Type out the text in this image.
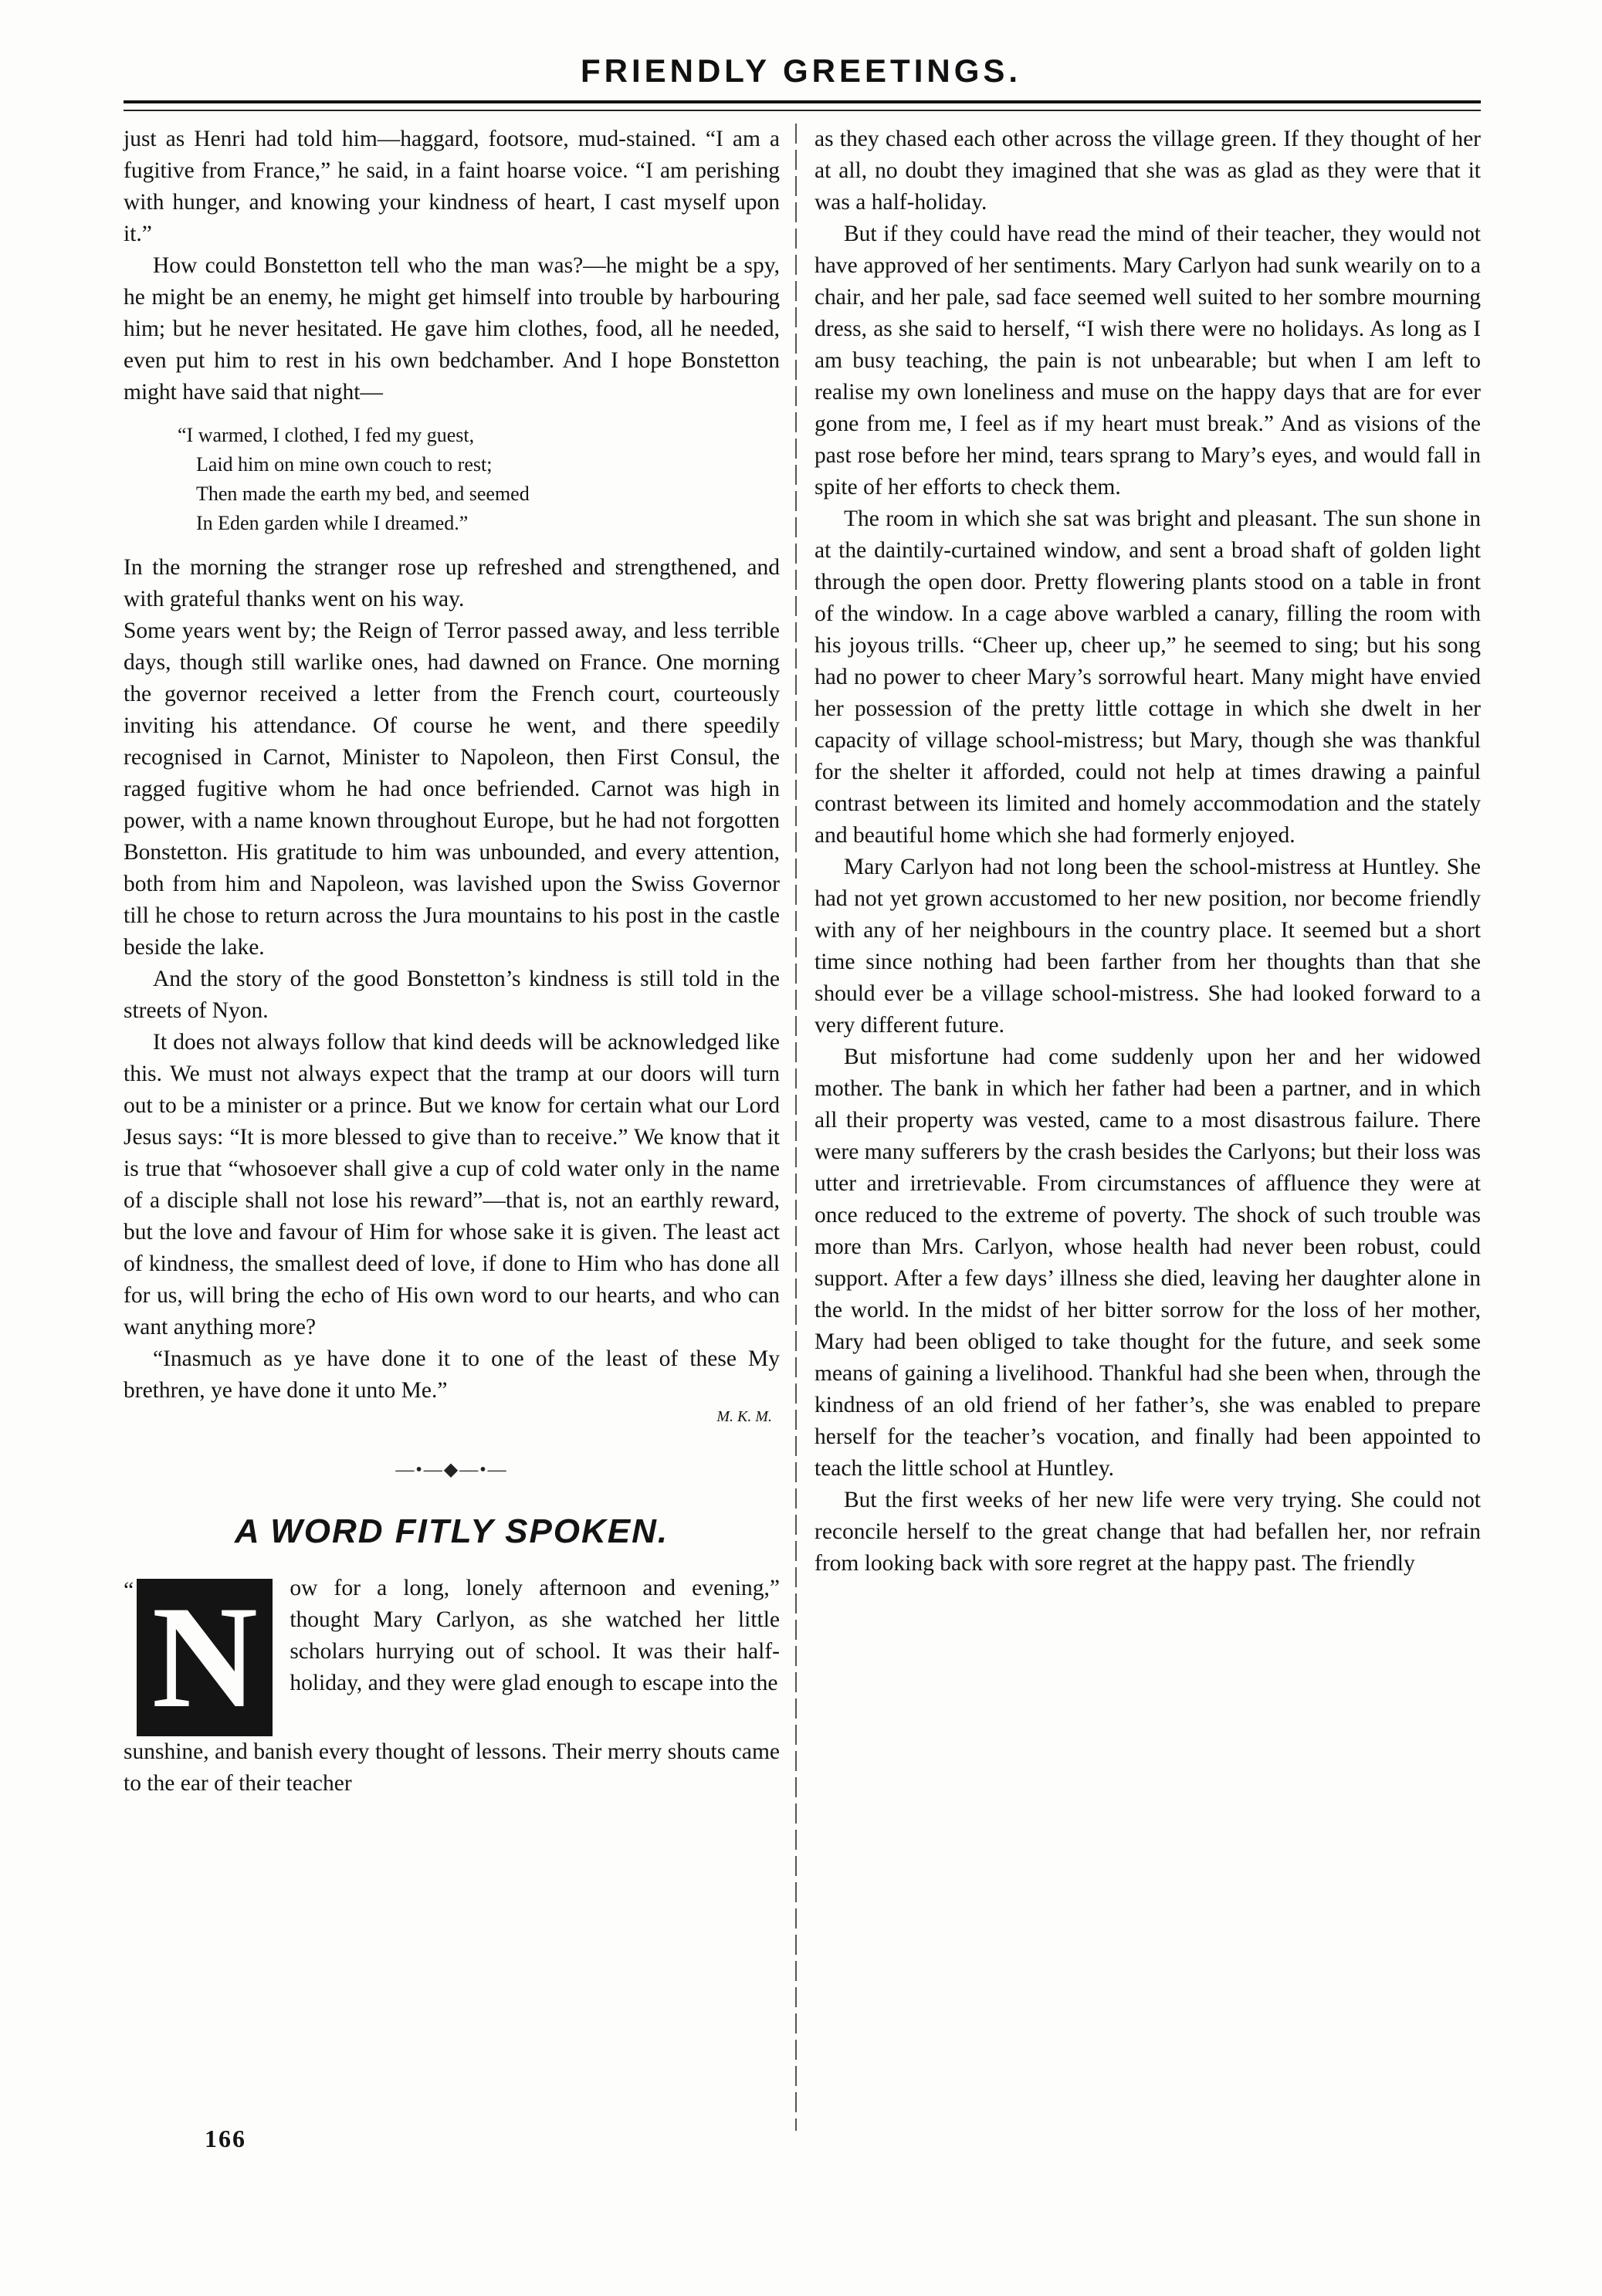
FRIENDLY GREETINGS.

just as Henri had told him—haggard, footsore, mud-stained. “I am a fugitive from France,” he said, in a faint hoarse voice. “I am perishing with hunger, and knowing your kindness of heart, I cast myself upon it.”

How could Bonstetton tell who the man was?—he might be a spy, he might be an enemy, he might get himself into trouble by harbouring him; but he never hesitated. He gave him clothes, food, all he needed, even put him to rest in his own bedchamber. And I hope Bonstetton might have said that night—

“I warmed, I clothed, I fed my guest,
Laid him on mine own couch to rest;
Then made the earth my bed, and seemed
In Eden garden while I dreamed.”

In the morning the stranger rose up refreshed and strengthened, and with grateful thanks went on his way.

Some years went by; the Reign of Terror passed away, and less terrible days, though still warlike ones, had dawned on France. One morning the governor received a letter from the French court, courteously inviting his attendance. Of course he went, and there speedily recognised in Carnot, Minister to Napoleon, then First Consul, the ragged fugitive whom he had once befriended. Carnot was high in power, with a name known throughout Europe, but he had not forgotten Bonstetton. His gratitude to him was unbounded, and every attention, both from him and Napoleon, was lavished upon the Swiss Governor till he chose to return across the Jura mountains to his post in the castle beside the lake.

And the story of the good Bonstetton’s kindness is still told in the streets of Nyon.

It does not always follow that kind deeds will be acknowledged like this. We must not always expect that the tramp at our doors will turn out to be a minister or a prince. But we know for certain what our Lord Jesus says: “It is more blessed to give than to receive.” We know that it is true that “whosoever shall give a cup of cold water only in the name of a disciple shall not lose his reward”—that is, not an earthly reward, but the love and favour of Him for whose sake it is given. The least act of kindness, the smallest deed of love, if done to Him who has done all for us, will bring the echo of His own word to our hearts, and who can want anything more?

“Inasmuch as ye have done it to one of the least of these My brethren, ye have done it unto Me.”

M. K. M.
—•—◆—•—
A WORD FITLY SPOKEN.
“ N	ow for a long, lonely afternoon and evening,” thought Mary Carlyon, as she watched her little scholars hurrying out of school. It was their half-holiday, and they were glad enough to escape into the

sunshine, and banish every thought of lessons. Their merry shouts came to the ear of their teacher

as they chased each other across the village green. If they thought of her at all, no doubt they imagined that she was as glad as they were that it was a half-holiday.

But if they could have read the mind of their teacher, they would not have approved of her sentiments. Mary Carlyon had sunk wearily on to a chair, and her pale, sad face seemed well suited to her sombre mourning dress, as she said to herself, “I wish there were no holidays. As long as I am busy teaching, the pain is not unbearable; but when I am left to realise my own loneliness and muse on the happy days that are for ever gone from me, I feel as if my heart must break.” And as visions of the past rose before her mind, tears sprang to Mary’s eyes, and would fall in spite of her efforts to check them.

The room in which she sat was bright and pleasant. The sun shone in at the daintily-curtained window, and sent a broad shaft of golden light through the open door. Pretty flowering plants stood on a table in front of the window. In a cage above warbled a canary, filling the room with his joyous trills. “Cheer up, cheer up,” he seemed to sing; but his song had no power to cheer Mary’s sorrowful heart. Many might have envied her possession of the pretty little cottage in which she dwelt in her capacity of village school-mistress; but Mary, though she was thankful for the shelter it afforded, could not help at times drawing a painful contrast between its limited and homely accommodation and the stately and beautiful home which she had formerly enjoyed.

Mary Carlyon had not long been the school-mistress at Huntley. She had not yet grown accustomed to her new position, nor become friendly with any of her neighbours in the country place. It seemed but a short time since nothing had been farther from her thoughts than that she should ever be a village school-mistress. She had looked forward to a very different future.

But misfortune had come suddenly upon her and her widowed mother. The bank in which her father had been a partner, and in which all their property was vested, came to a most disastrous failure. There were many sufferers by the crash besides the Carlyons; but their loss was utter and irretrievable. From circumstances of affluence they were at once reduced to the extreme of poverty. The shock of such trouble was more than Mrs. Carlyon, whose health had never been robust, could support. After a few days’ illness she died, leaving her daughter alone in the world. In the midst of her bitter sorrow for the loss of her mother, Mary had been obliged to take thought for the future, and seek some means of gaining a livelihood. Thankful had she been when, through the kindness of an old friend of her father’s, she was enabled to prepare herself for the teacher’s vocation, and finally had been appointed to teach the little school at Huntley.

But the first weeks of her new life were very trying. She could not reconcile herself to the great change that had befallen her, nor refrain from looking back with sore regret at the happy past. The friendly

166
